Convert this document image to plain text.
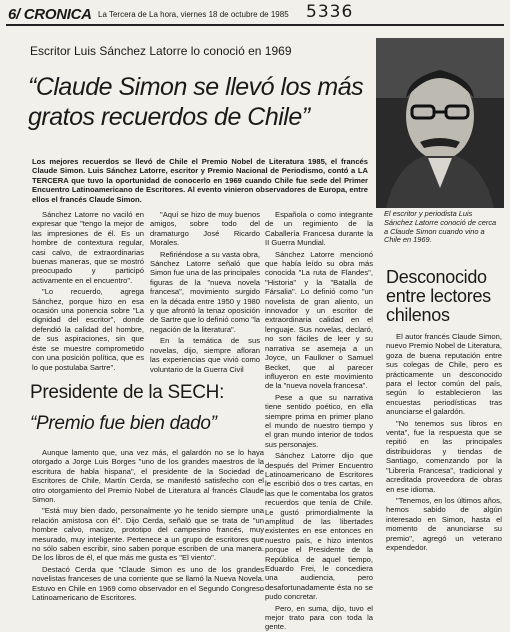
6/ CRONICA La Tercera de La hora, viernes 18 de octubre de 1985 5336
Escritor Luis Sánchez Latorre lo conoció en 1969
“Claude Simon se llevó los más gratos recuerdos de Chile”
Los mejores recuerdos se llevó de Chile el Premio Nobel de Literatura 1985, el francés Claude Simon. Luis Sánchez Latorre, escritor y Premio Nacional de Periodismo, contó a LA TERCERA que tuvo la oportunidad de conocerlo en 1969 cuando Chile fue sede del Primer Encuentro Latinoamericano de Escritores. Al evento vinieron observadores de Europa, entre ellos el francés Claude Simon.

Sánchez Latorre no vaciló en expresar que "tengo la mejor de las impresiones de él. Es un hombre de contextura regular, casi calvo, de extraordinarias buenas maneras, que se mostró preocupado y participó activamente en el encuentro".

"Lo recuerdo, agrega Sánchez, porque hizo en esa ocasión una ponencia sobre "La dignidad del escritor", donde defendió la calidad del hombre, de sus aspiraciones, sin que éste se muestre comprometido con una posición política, que es lo que postulaba Sartre".

"Aquí se hizo de muy buenos amigos, sobre todo del dramaturgo José Ricardo Morales.

Refiriéndose a su vasta obra, Sánchez Latorre señaló que Simon fue una de las principales figuras de la "nueva novela francesa", movimiento surgido en la década entre 1950 y 1980 y que afrontó la tenaz oposición de Sartre que lo definió como "la negación de la literatura".

En la temática de sus novelas, dijo, siempre afloran las experiencias que vivió como voluntario de la Guerra Civil

Española o como integrante de un regimiento de la Caballería Francesa durante la II Guerra Mundial.

Sánchez Latorre mencionó que había leído su obra más conocida "La ruta de Flandes", "Historia" y la "Batalla de Fársalia". Lo definió como "un novelista de gran aliento, un innovador y un escritor de extraordinaria calidad en el lenguaje. Sus novelas, declaró, no son fáciles de leer y su narrativa se asemeja a un Joyce, un Faulkner o Samuel Becket, que al parecer influyeron en este movimiento de la "nueva novela francesa".

Pese a que su narrativa tiene sentido poético, en ella siempre prima en primer plano el mundo de nuestro tiempo y el gran mundo interior de todos sus personajes.

Sánchez Latorre dijo que después del Primer Encuentro Latinoamericano de Escritores le escribió dos o tres cartas, en las que le comentaba los gratos recuerdos que tenía de Chile. Le gustó primordialmente la amplitud de las libertades existentes en ese entonces en nuestro país, e hizo intentos porque el Presidente de la República de aquel tiempo, Eduardo Frei, le concediera una audiencia, pero desafortunadamente ésta no se pudo concretar.

Pero, en suma, dijo, tuvo el mejor trato para con toda la gente.

El escritor y periodista Luis Sánchez Latorre conoció de cerca a Claude Simon cuando vino a Chile en 1969.
Desconocido entre lectores chilenos

El autor francés Claude Simon, nuevo Premio Nobel de Literatura, goza de buena reputación entre sus colegas de Chile, pero es prácticamente un desconocido para el lector común del país, según lo establecieron las encuestas periodísticas tras anunciarse el galardón.

"No tenemos sus libros en venta", fue la respuesta que se repitió en las principales distribuidoras y tiendas de Santiago, comenzando por la "Librería Francesa", tradicional y acreditada proveedora de obras en ese idioma.

"Tenemos, en los últimos años, hemos sabido de algún interesado en Simon, hasta el momento de anunciarse su premio", agregó un veterano expendedor.

Presidente de la SECH:
“Premio fue bien dado”

Aunque lamento que, una vez más, el galardón no se lo haya otorgado a Jorge Luis Borges "uno de los grandes maestros de la escritura de habla hispana", el presidente de la Sociedad de Escritores de Chile, Martín Cerda, se manifestó satisfecho con el otro otorgamiento del Premio Nobel de Literatura al francés Claude Simon.

"Está muy bien dado, personalmente yo he tenido siempre una relación amistosa con él". Dijo Cerda, señaló que se trata de "un hombre calvo, macizo, prototipo del campesino francés, muy mesurado, muy inteligente. Pertenece a un grupo de escritores que no sólo saben escribir, sino saben porque escriben de una manera. De los libros de él, el que más me gusta es "El viento".

Destacó Cerda que "Claude Simon es uno de los grandes novelistas franceses de una corriente que se llamó la Nueva Novela. Estuvo en Chile en 1969 como observador en el Segundo Congreso Latinoamericano de Escritores.
